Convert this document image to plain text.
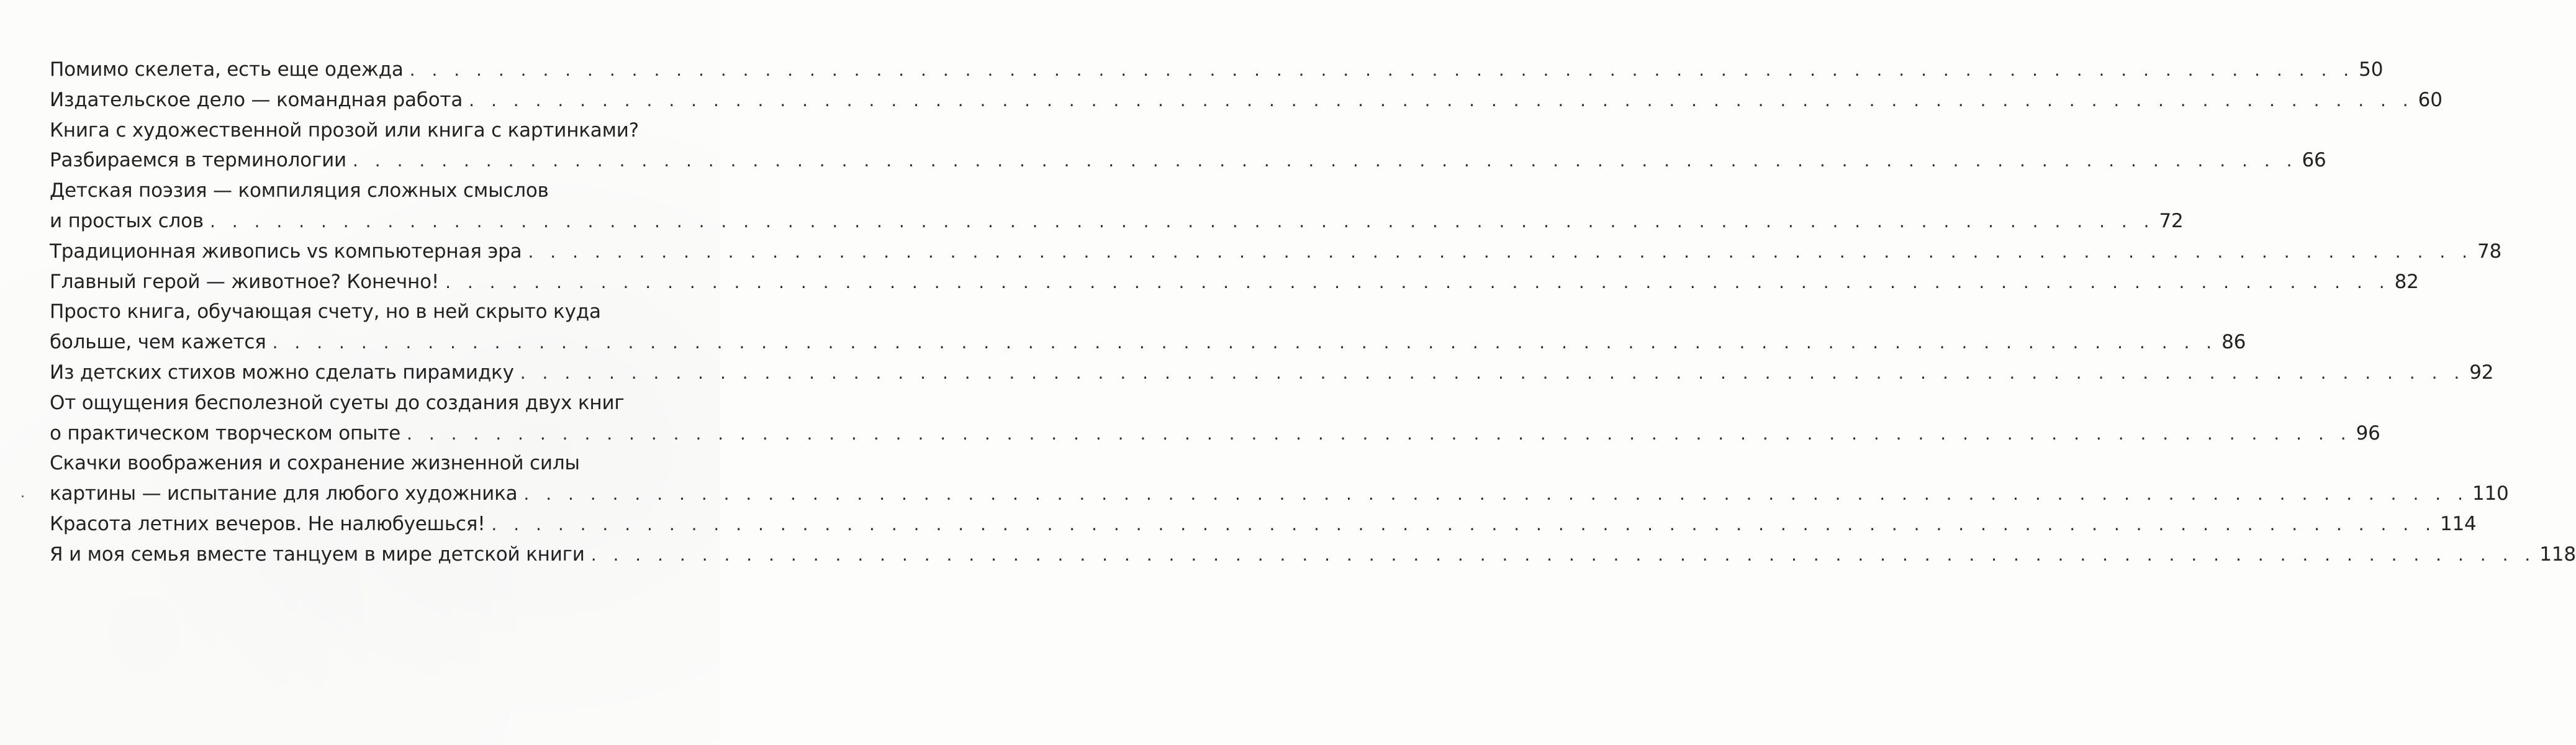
Помимо скелета, есть еще одежда . . . . . . . . . . . . . . . . . . . . . . . . . . . . . . . . . . . . . . . . . . . . . . . . . . . . . . . . . . . . . . . . . . . . . . . . . . . . . . . . . . . . . . . . 50
Издательское дело — командная работа . . . . . . . . . . . . . . . . . . . . . . . . . . . . . . . . . . . . . . . . . . . . . . . . . . . . . . . . . . . . . . . . . . . . . . . . . . . . . . . . . . . . . . . . 60
Книга с художественной прозой или книга с картинками?
Разбираемся в терминологии . . . . . . . . . . . . . . . . . . . . . . . . . . . . . . . . . . . . . . . . . . . . . . . . . . . . . . . . . . . . . . . . . . . . . . . . . . . . . . . . . . . . . . . . 66
Детская поэзия — компиляция сложных смыслов
и простых слов . . . . . . . . . . . . . . . . . . . . . . . . . . . . . . . . . . . . . . . . . . . . . . . . . . . . . . . . . . . . . . . . . . . . . . . . . . . . . . . . . . . . . . . . 72
Традиционная живопись vs компьютерная эра . . . . . . . . . . . . . . . . . . . . . . . . . . . . . . . . . . . . . . . . . . . . . . . . . . . . . . . . . . . . . . . . . . . . . . . . . . . . . . . . . . . . . . . . 78
Главный герой — животное? Конечно! . . . . . . . . . . . . . . . . . . . . . . . . . . . . . . . . . . . . . . . . . . . . . . . . . . . . . . . . . . . . . . . . . . . . . . . . . . . . . . . . . . . . . . . . 82
Просто книга, обучающая счету, но в ней скрыто куда
больше, чем кажется . . . . . . . . . . . . . . . . . . . . . . . . . . . . . . . . . . . . . . . . . . . . . . . . . . . . . . . . . . . . . . . . . . . . . . . . . . . . . . . . . . . . . . . . 86
Из детских стихов можно сделать пирамидку . . . . . . . . . . . . . . . . . . . . . . . . . . . . . . . . . . . . . . . . . . . . . . . . . . . . . . . . . . . . . . . . . . . . . . . . . . . . . . . . . . . . . . . . 92
От ощущения бесполезной суеты до создания двух книг
о практическом творческом опыте . . . . . . . . . . . . . . . . . . . . . . . . . . . . . . . . . . . . . . . . . . . . . . . . . . . . . . . . . . . . . . . . . . . . . . . . . . . . . . . . . . . . . . . . 96
Скачки воображения и сохранение жизненной силы
картины — испытание для любого художника . . . . . . . . . . . . . . . . . . . . . . . . . . . . . . . . . . . . . . . . . . . . . . . . . . . . . . . . . . . . . . . . . . . . . . . . . . . . . . . . . . . . . . . . 110
Красота летних вечеров. Не налюбуешься! . . . . . . . . . . . . . . . . . . . . . . . . . . . . . . . . . . . . . . . . . . . . . . . . . . . . . . . . . . . . . . . . . . . . . . . . . . . . . . . . . . . . . . . . 114
Я и моя семья вместе танцуем в мире детской книги . . . . . . . . . . . . . . . . . . . . . . . . . . . . . . . . . . . . . . . . . . . . . . . . . . . . . . . . . . . . . . . . . . . . . . . . . . . . . . . . . . . . . . . . 118
